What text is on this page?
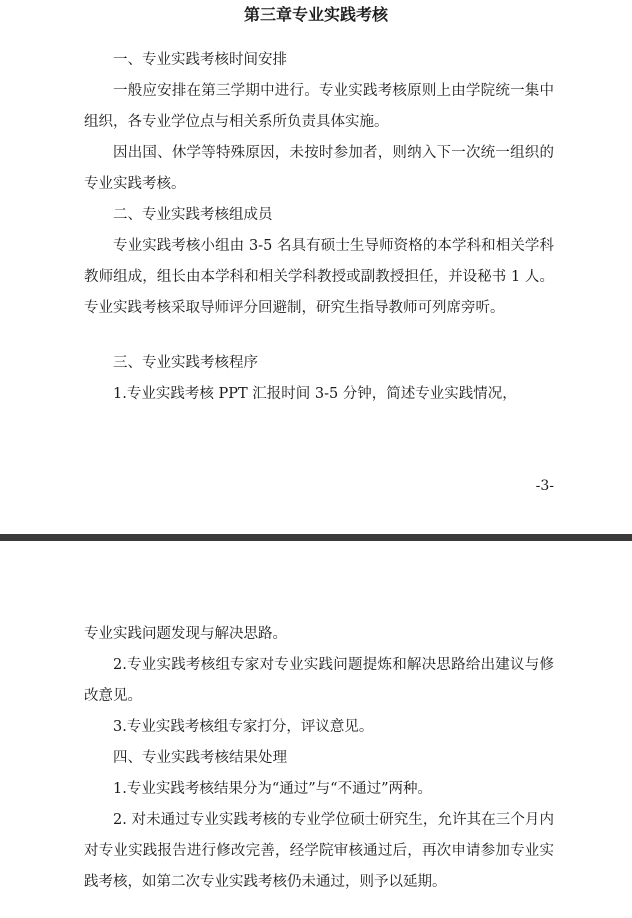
第三章专业实践考核

一、专业实践考核时间安排

一般应安排在第三学期中进行。专业实践考核原则上由学院统一集中组织，各专业学位点与相关系所负责具体实施。

因出国、休学等特殊原因，未按时参加者，则纳入下一次统一组织的专业实践考核。

二、专业实践考核组成员

专业实践考核小组由 3-5 名具有硕士生导师资格的本学科和相关学科教师组成，组长由本学科和相关学科教授或副教授担任，并设秘书 1 人。专业实践考核采取导师评分回避制，研究生指导教师可列席旁听。

三、专业实践考核程序

1.专业实践考核 PPT 汇报时间 3-5 分钟，简述专业实践情况，

-3-

专业实践问题发现与解决思路。

2.专业实践考核组专家对专业实践问题提炼和解决思路给出建议与修改意见。

3.专业实践考核组专家打分，评议意见。

四、专业实践考核结果处理

1.专业实践考核结果分为“通过”与“不通过”两种。

2. 对未通过专业实践考核的专业学位硕士研究生，允许其在三个月内对专业实践报告进行修改完善，经学院审核通过后，再次申请参加专业实践考核，如第二次专业实践考核仍未通过，则予以延期。
